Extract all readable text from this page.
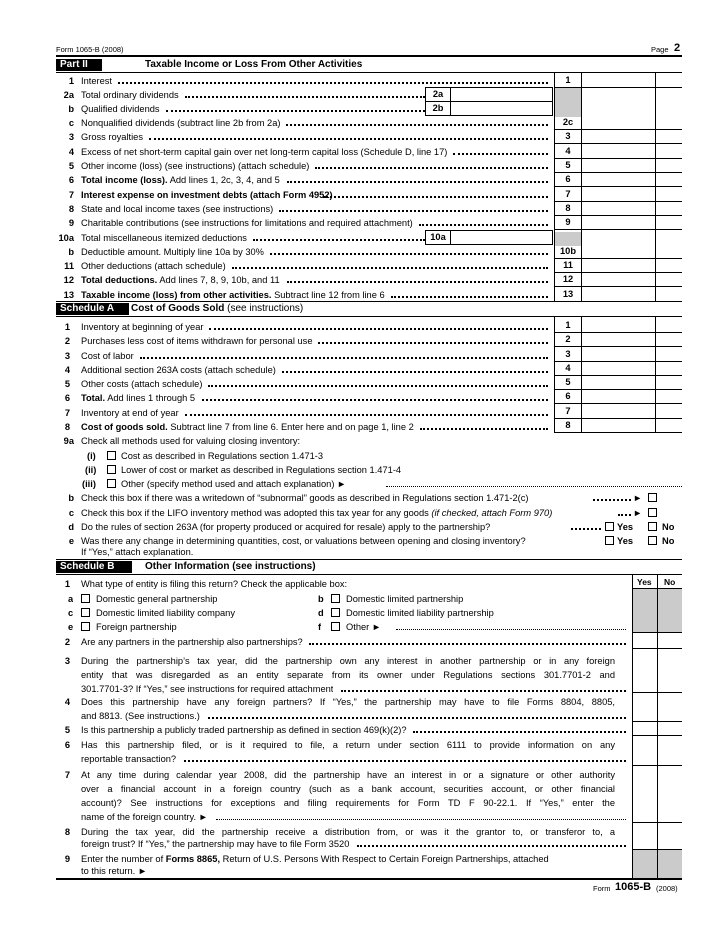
Form 1065-B (2008)	Page 2
Part II	Taxable Income or Loss From Other Activities
1 Interest	1
2a Total ordinary dividends	2a
b Qualified dividends	2b
c Nonqualified dividends (subtract line 2b from 2a)	2c
3 Gross royalties	3
4 Excess of net short-term capital gain over net long-term capital loss (Schedule D, line 17)	4
5 Other income (loss) (see instructions) (attach schedule)	5
6 Total income (loss). Add lines 1, 2c, 3, 4, and 5	6
7 Interest expense on investment debts (attach Form 4952)	7
8 State and local income taxes (see instructions)	8
9 Charitable contributions (see instructions for limitations and required attachment)	9
10a Total miscellaneous itemized deductions	10a
b Deductible amount. Multiply line 10a by 30%	10b
11 Other deductions (attach schedule)	11
12 Total deductions. Add lines 7, 8, 9, 10b, and 11	12
13 Taxable income (loss) from other activities. Subtract line 12 from line 6	13
Schedule A	Cost of Goods Sold (see instructions)
1 Inventory at beginning of year	1
2 Purchases less cost of items withdrawn for personal use	2
3 Cost of labor	3
4 Additional section 263A costs (attach schedule)	4
5 Other costs (attach schedule)	5
6 Total. Add lines 1 through 5	6
7 Inventory at end of year	7
8 Cost of goods sold. Subtract line 7 from line 6. Enter here and on page 1, line 2	8
9a Check all methods used for valuing closing inventory:
(i)	Cost as described in Regulations section 1.471-3
(ii)	Lower of cost or market as described in Regulations section 1.471-4
(iii)	Other (specify method used and attach explanation) ►
b Check this box if there was a writedown of “subnormal” goods as described in Regulations section 1.471-2(c)	►
c Check this box if the LIFO inventory method was adopted this tax year for any goods (if checked, attach Form 970)	►
d Do the rules of section 263A (for property produced or acquired for resale) apply to the partnership?	Yes	No
e Was there any change in determining quantities, cost, or valuations between opening and closing inventory?
If “Yes,” attach explanation.
Yes	No
Schedule B	Other Information (see instructions)
Yes No
1 What type of entity is filing this return? Check the applicable box:
a Domestic general partnership	b Domestic limited partnership
c Domestic limited liability company	d Domestic limited liability partnership
e Foreign partnership	f	Other ►
2 Are any partners in the partnership also partnerships?
3 During the partnership’s tax year, did the partnership own any interest in another partnership or in any foreign
entity that was disregarded as an entity separate from its owner under Regulations sections 301.7701-2 and
301.7701-3? If “Yes,” see instructions for required attachment
4 Does this partnership have any foreign partners? If “Yes,” the partnership may have to file Forms 8804, 8805,
and 8813. (See instructions.)
5 Is this partnership a publicly traded partnership as defined in section 469(k)(2)?
6 Has this partnership filed, or is it required to file, a return under section 6111 to provide information on any
reportable transaction?
7 At any time during calendar year 2008, did the partnership have an interest in or a signature or other authority
over a financial account in a foreign country (such as a bank account, securities account, or other financial
account)? See instructions for exceptions and filing requirements for Form TD F 90-22.1. If “Yes,” enter the
name of the foreign country. ►
8 During the tax year, did the partnership receive a distribution from, or was it the grantor to, or transferor to, a
foreign trust? If “Yes,” the partnership may have to file Form 3520
9 Enter the number of Forms 8865, Return of U.S. Persons With Respect to Certain Foreign Partnerships, attached
to this return. ►
Form 1065-B (2008)
